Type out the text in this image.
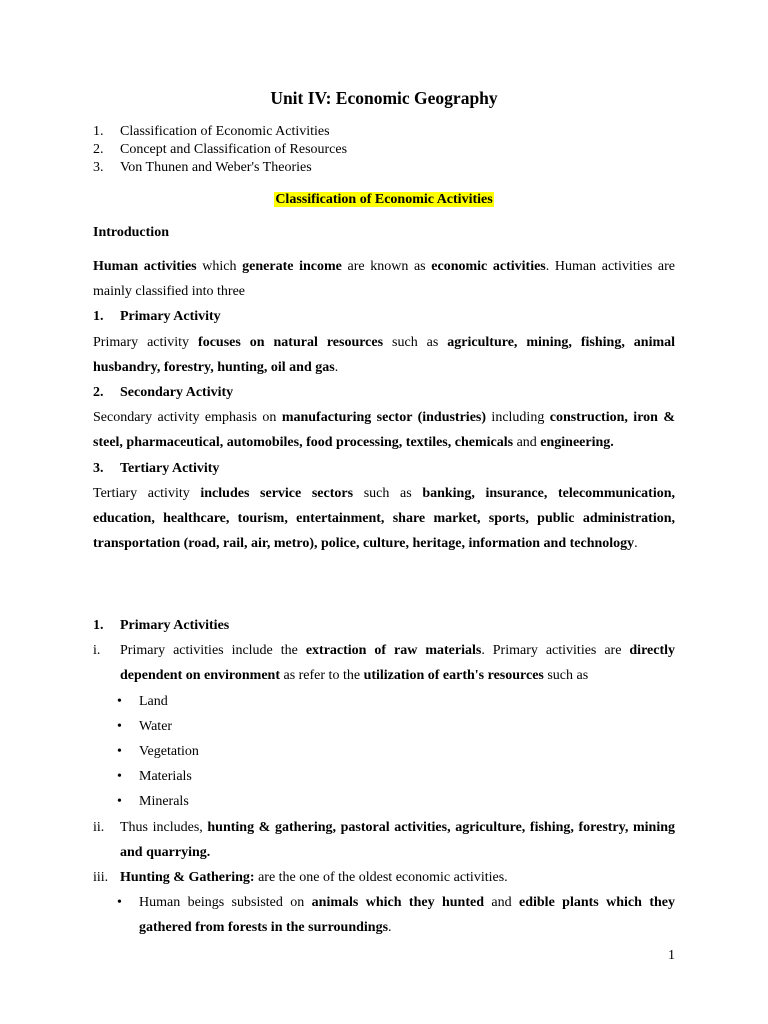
Unit IV: Economic Geography
1. Classification of Economic Activities
2. Concept and Classification of Resources
3. Von Thunen and Weber's Theories
Classification of Economic Activities
Introduction

Human activities which generate income are known as economic activities. Human activities are mainly classified into three

1. Primary Activity

Primary activity focuses on natural resources such as agriculture, mining, fishing, animal husbandry, forestry, hunting, oil and gas.

2. Secondary Activity

Secondary activity emphasis on manufacturing sector (industries) including construction, iron & steel, pharmaceutical, automobiles, food processing, textiles, chemicals and engineering.

3. Tertiary Activity

Tertiary activity includes service sectors such as banking, insurance, telecommunication, education, healthcare, tourism, entertainment, share market, sports, public administration, transportation (road, rail, air, metro), police, culture, heritage, information and technology.

1. Primary Activities

i. Primary activities include the extraction of raw materials. Primary activities are directly dependent on environment as refer to the utilization of earth's resources such as

• Land

• Water

• Vegetation

• Materials

• Minerals

ii. Thus includes, hunting & gathering, pastoral activities, agriculture, fishing, forestry, mining and quarrying.

iii. Hunting & Gathering: are the one of the oldest economic activities.

• Human beings subsisted on animals which they hunted and edible plants which they gathered from forests in the surroundings.

1
